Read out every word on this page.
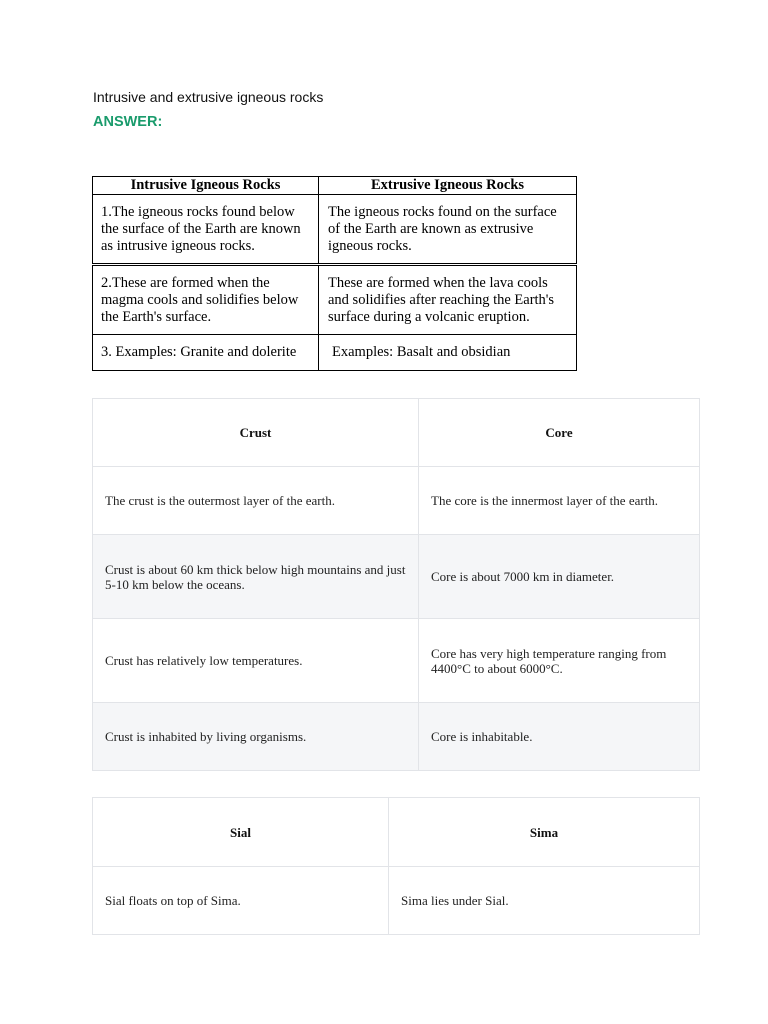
Intrusive and extrusive igneous rocks
ANSWER:
Intrusive Igneous Rocks	Extrusive Igneous Rocks
1.The igneous rocks found below the surface of the Earth are known as intrusive igneous rocks.	The igneous rocks found on the surface of the Earth are known as extrusive igneous rocks.
2.These are formed when the magma cools and solidifies below the Earth's surface.	These are formed when the lava cools and solidifies after reaching the Earth's surface during a volcanic eruption.
3. Examples: Granite and dolerite	Examples: Basalt and obsidian
Crust	Core
The crust is the outermost layer of the earth.	The core is the innermost layer of the earth.
Crust is about 60 km thick below high mountains and just 5-10 km below the oceans.	Core is about 7000 km in diameter.
Crust has relatively low temperatures.	Core has very high temperature ranging from 4400°C to about 6000°C.
Crust is inhabited by living organisms.	Core is inhabitable.
Sial	Sima
Sial floats on top of Sima.	Sima lies under Sial.
